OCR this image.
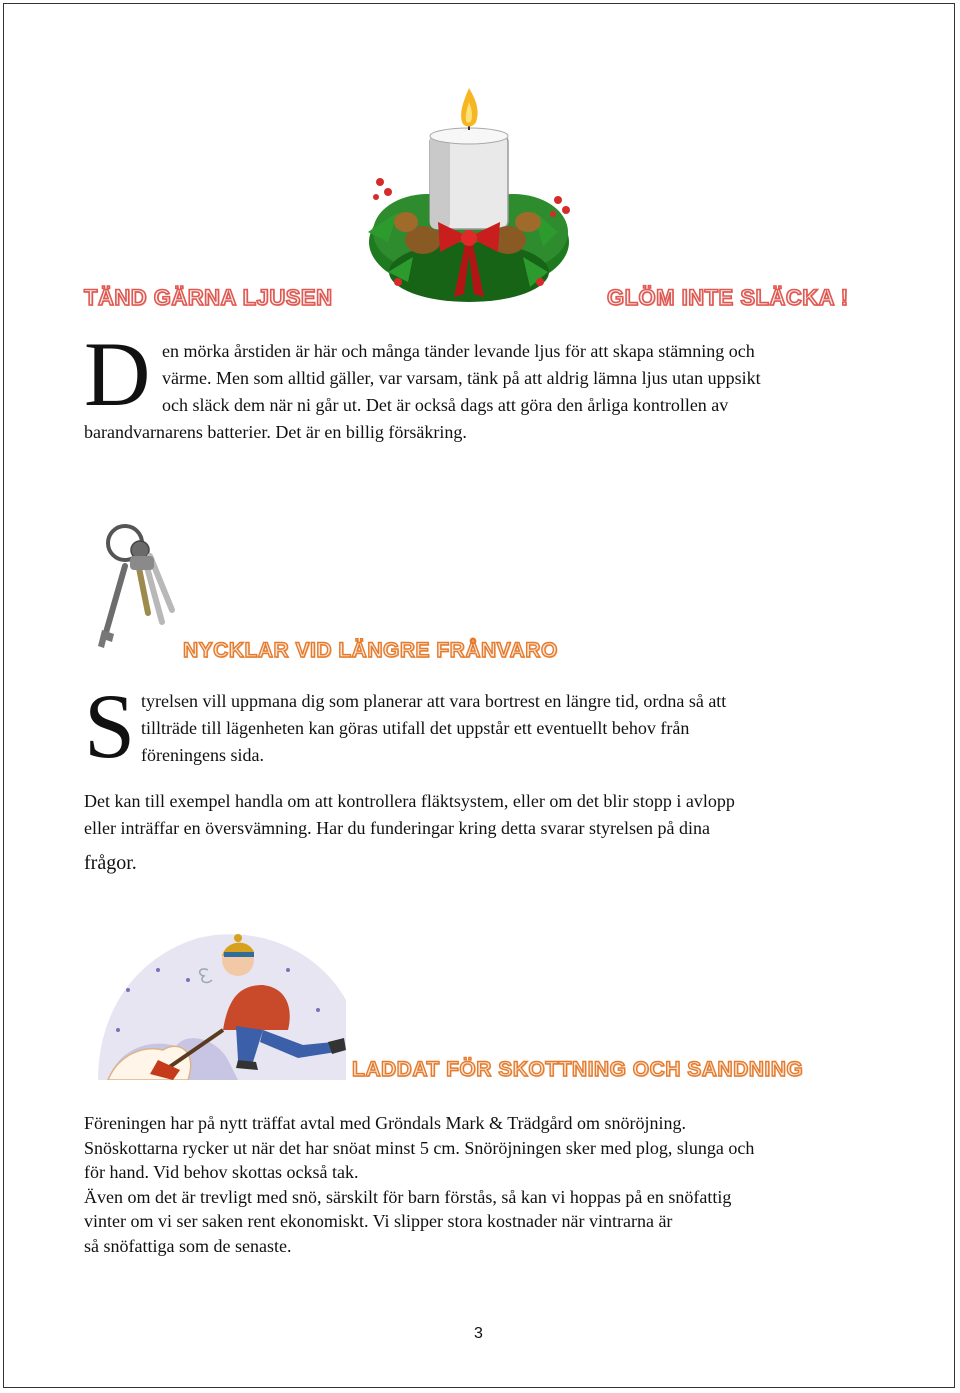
TÄND GÄRNA LJUSEN	GLÖM INTE SLÄCKA !
D en mörka årstiden är här och många tänder levande ljus för att skapa stämning och

värme. Men som alltid gäller, var varsam, tänk på att aldrig lämna ljus utan uppsikt

och släck dem när ni går ut. Det är också dags att göra den årliga kontrollen av

barandvarnarens batterier. Det är en billig försäkring.

NYCKLAR VID LÄNGRE FRÅNVARO
S tyrelsen vill uppmana dig som planerar att vara bortrest en längre tid, ordna så att

tillträde till lägenheten kan göras utifall det uppstår ett eventuellt behov från

föreningens sida.

Det kan till exempel handla om att kontrollera fläktsystem, eller om det blir stopp i avlopp

eller inträffar en översvämning. Har du funderingar kring detta svarar styrelsen på dina

frågor.

LADDAT FÖR SKOTTNING OCH SANDNING

Föreningen har på nytt träffat avtal med Gröndals Mark & Trädgård om snöröjning.

Snöskottarna rycker ut när det har snöat minst 5 cm. Snöröjningen sker med plog, slunga och

för hand. Vid behov skottas också tak.

Även om det är trevligt med snö, särskilt för barn förstås, så kan vi hoppas på en snöfattig

vinter om vi ser saken rent ekonomiskt. Vi slipper stora kostnader när vintrarna är

så snöfattiga som de senaste.

3
